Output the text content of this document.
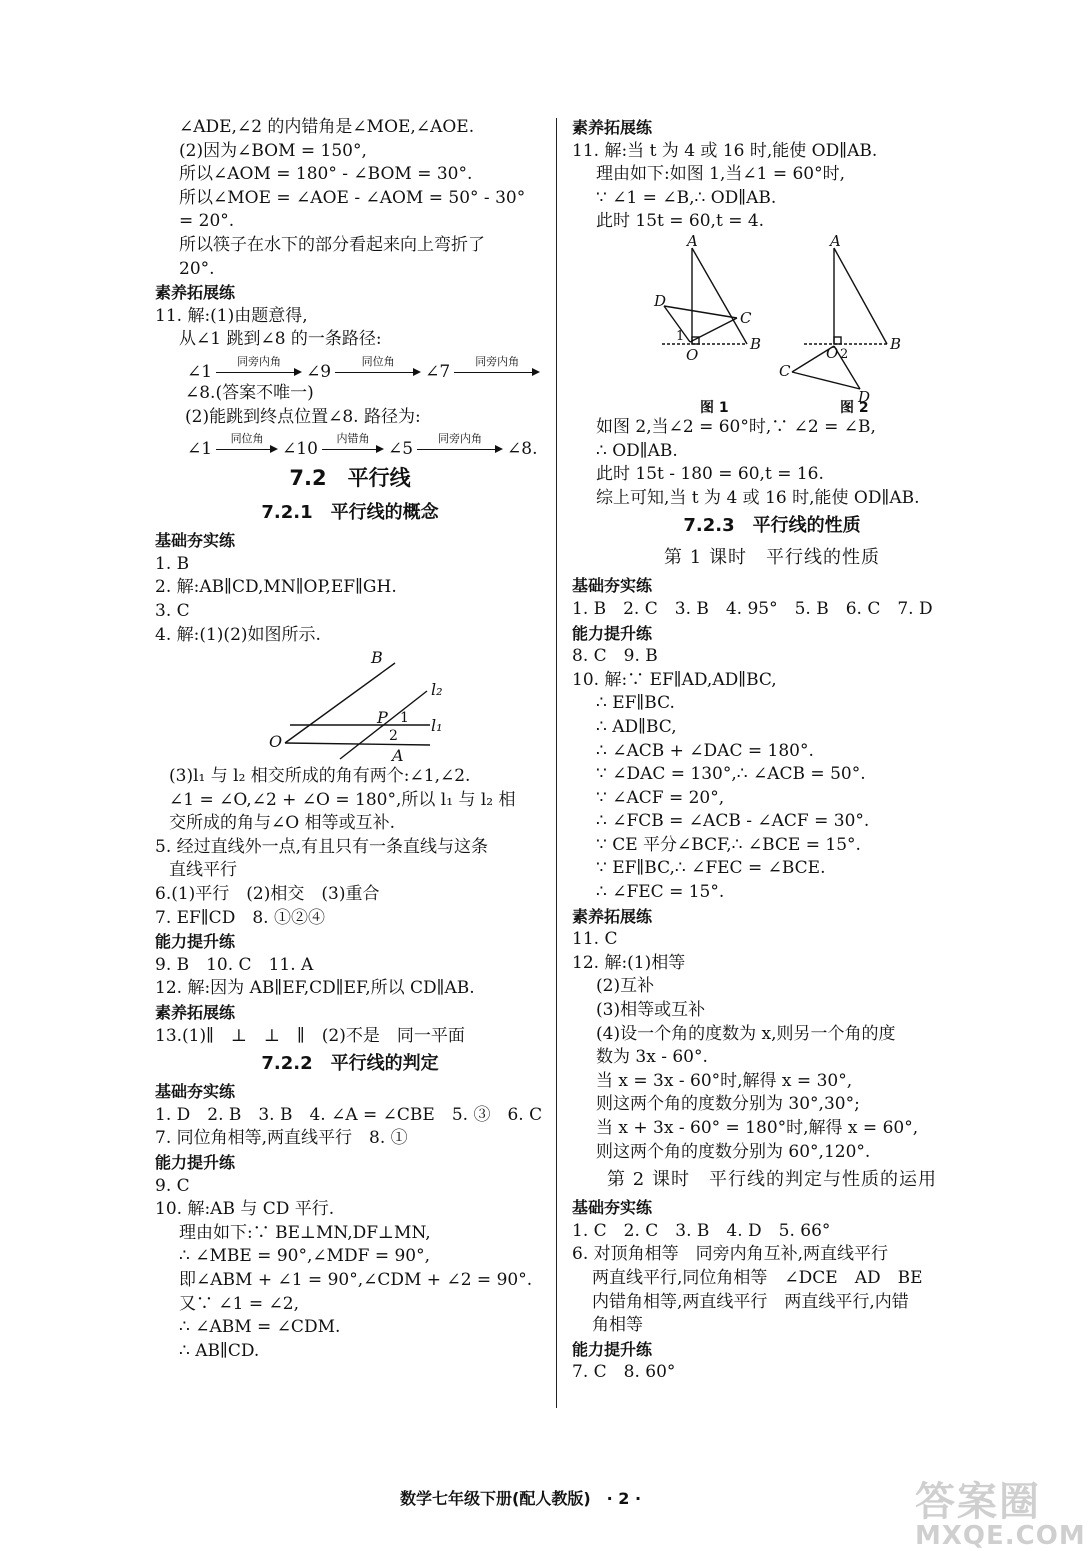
∠ADE,∠2 的内错角是∠MOE,∠AOE.
(2)因为∠BOM = 150°,
所以∠AOM = 180° - ∠BOM = 30°.
所以∠MOE = ∠AOE - ∠AOM = 50° - 30°
= 20°.
所以筷子在水下的部分看起来向上弯折了
20°.
素养拓展练
11. 解:(1)由题意得,
从∠1 跳到∠8 的一条路径:
∠1
同旁内角
∠9
同位角
∠7
同旁内角
∠8.(答案不唯一)
(2)能跳到终点位置∠8. 路径为:
∠1
同位角
∠10
内错角
∠5
同旁内角
∠8.
7.2　平行线
7.2.1　平行线的概念
基础夯实练
1. B
2. 解:AB∥CD,MN∥OP,EF∥GH.
3. C
4. 解:(1)(2)如图所示.
B
l₂
P 1
2
l₁
O
A
(3)l₁ 与 l₂ 相交所成的角有两个:∠1,∠2.
∠1 = ∠O,∠2 + ∠O = 180°,所以 l₁ 与 l₂ 相
交所成的角与∠O 相等或互补.
5. 经过直线外一点,有且只有一条直线与这条
直线平行
6.(1)平行　(2)相交　(3)重合
7. EF∥CD　8. ①②④
能力提升练
9. B　10. C　11. A
12. 解:因为 AB∥EF,CD∥EF,所以 CD∥AB.
素养拓展练
13.(1)∥　⊥　⊥　∥　(2)不是　同一平面
7.2.2　平行线的判定
基础夯实练
1. D　2. B　3. B　4. ∠A = ∠CBE　5. ③　6. C
7. 同位角相等,两直线平行　8. ①
能力提升练
9. C
10. 解:AB 与 CD 平行.
理由如下:∵ BE⊥MN,DF⊥MN,
∴ ∠MBE = 90°,∠MDF = 90°,
即∠ABM + ∠1 = 90°,∠CDM + ∠2 = 90°.
又∵ ∠1 = ∠2,
∴ ∠ABM = ∠CDM.
∴ AB∥CD.
素养拓展练
11. 解:当 t 为 4 或 16 时,能使 OD∥AB.
理由如下:如图 1,当∠1 = 60°时,
∵ ∠1 = ∠B,∴ OD∥AB.
此时 15t = 60,t = 4.
A
D
C
B
O
1
A
B
O 2
C
D
图 1	图 2
如图 2,当∠2 = 60°时,∵ ∠2 = ∠B,
∴ OD∥AB.
此时 15t - 180 = 60,t = 16.
综上可知,当 t 为 4 或 16 时,能使 OD∥AB.
7.2.3　平行线的性质
第 1 课时　平行线的性质
基础夯实练
1. B　2. C　3. B　4. 95°　5. B　6. C　7. D
能力提升练
8. C　9. B
10. 解:∵ EF∥AD,AD∥BC,
∴ EF∥BC.
∴ AD∥BC,
∴ ∠ACB + ∠DAC = 180°.
∵ ∠DAC = 130°,∴ ∠ACB = 50°.
∵ ∠ACF = 20°,
∴ ∠FCB = ∠ACB - ∠ACF = 30°.
∵ CE 平分∠BCF,∴ ∠BCE = 15°.
∵ EF∥BC,∴ ∠FEC = ∠BCE.
∴ ∠FEC = 15°.
素养拓展练
11. C
12. 解:(1)相等
(2)互补
(3)相等或互补
(4)设一个角的度数为 x,则另一个角的度
数为 3x - 60°.
当 x = 3x - 60°时,解得 x = 30°,
则这两个角的度数分别为 30°,30°;
当 x + 3x - 60° = 180°时,解得 x = 60°,
则这两个角的度数分别为 60°,120°.
第 2 课时　平行线的判定与性质的运用
基础夯实练
1. C　2. C　3. B　4. D　5. 66°
6. 对顶角相等　同旁内角互补,两直线平行
两直线平行,同位角相等　∠DCE　AD　BE
内错角相等,两直线平行　两直线平行,内错
角相等
能力提升练
7. C　8. 60°
数学七年级下册(配人教版)　· 2 ·	答案圈
MXQE.COM
